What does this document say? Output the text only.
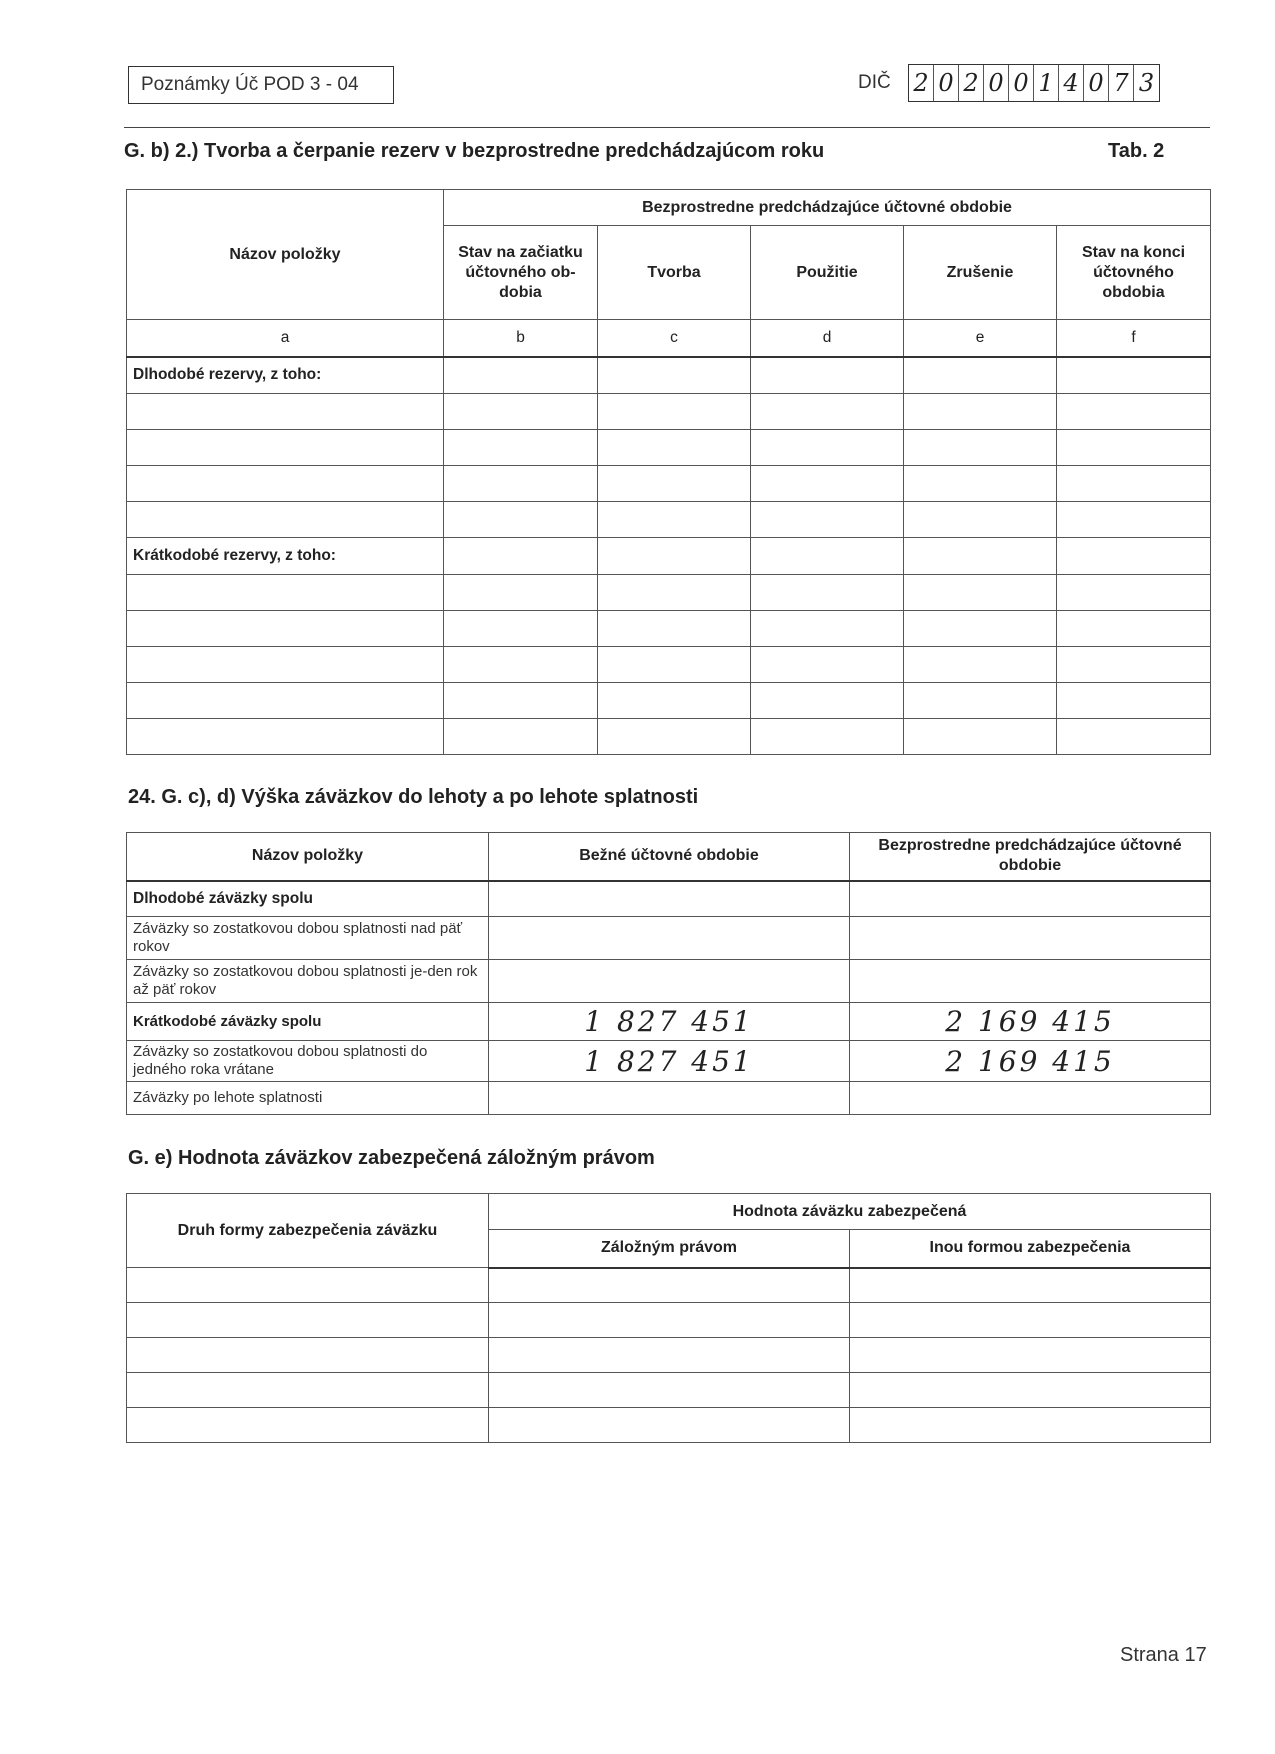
Poznámky Úč POD 3 - 04	DIČ 2 0 2 0 0 1 4 0 7 3
G. b) 2.) Tvorba a čerpanie rezerv v bezprostredne predchádzajúcom roku	Tab. 2
Názov položky	Bezprostredne predchádzajúce účtovné obdobie				
	Stav na začiatku účtovného ob-dobia	Tvorba	Použitie	Zrušenie	Stav na konci účtovného obdobia
a	b	c	d	e	f
Dlhodobé rezervy, z toho:					

Krátkodobé rezervy, z toho:					

24. G. c), d) Výška záväzkov do lehoty a po lehote splatnosti
Názov položky	Bežné účtovné obdobie	Bezprostredne predchádzajúce účtovné obdobie
Dlhodobé záväzky spolu		
Záväzky so zostatkovou dobou splatnosti nad päť rokov		
Záväzky so zostatkovou dobou splatnosti je-den rok až päť rokov		
Krátkodobé záväzky spolu	1 827 451	2 169 415
Záväzky so zostatkovou dobou splatnosti do jedného roka vrátane	1 827 451	2 169 415
Záväzky po lehote splatnosti		
G. e) Hodnota záväzkov zabezpečená záložným právom
Druh formy zabezpečenia záväzku	Hodnota záväzku zabezpečená	
	Záložným právom	Inou formou zabezpečenia

Strana 17
